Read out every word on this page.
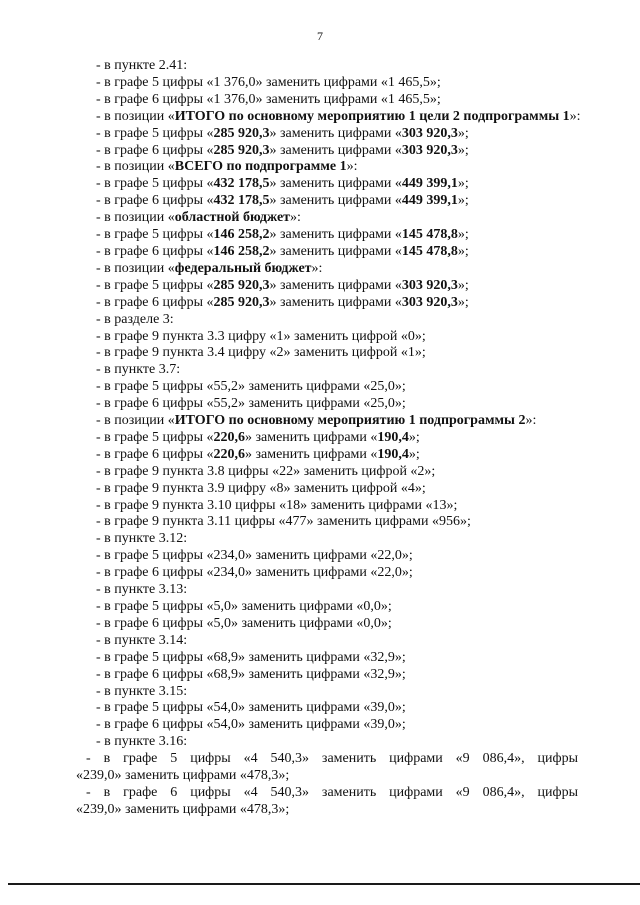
7
- в пункте 2.41:
- в графе 5 цифры «1 376,0» заменить цифрами «1 465,5»;
- в графе 6 цифры «1 376,0» заменить цифрами «1 465,5»;
- в позиции «ИТОГО по основному мероприятию 1 цели 2 подпрограммы 1»:
- в графе 5 цифры «285 920,3» заменить цифрами «303 920,3»;
- в графе 6 цифры «285 920,3» заменить цифрами «303 920,3»;
- в позиции «ВСЕГО по подпрограмме 1»:
- в графе 5 цифры «432 178,5» заменить цифрами «449 399,1»;
- в графе 6 цифры «432 178,5» заменить цифрами «449 399,1»;
- в позиции «областной бюджет»:
- в графе 5 цифры «146 258,2» заменить цифрами «145 478,8»;
- в графе 6 цифры «146 258,2» заменить цифрами «145 478,8»;
- в позиции «федеральный бюджет»:
- в графе 5 цифры «285 920,3» заменить цифрами «303 920,3»;
- в графе 6 цифры «285 920,3» заменить цифрами «303 920,3»;
- в разделе 3:
- в графе 9 пункта 3.3 цифру «1» заменить цифрой «0»;
- в графе 9 пункта 3.4 цифру «2» заменить цифрой «1»;
- в пункте 3.7:
- в графе 5 цифры «55,2» заменить цифрами «25,0»;
- в графе 6 цифры «55,2» заменить цифрами «25,0»;
- в позиции «ИТОГО по основному мероприятию 1 подпрограммы 2»:
- в графе 5 цифры «220,6» заменить цифрами «190,4»;
- в графе 6 цифры «220,6» заменить цифрами «190,4»;
- в графе 9 пункта 3.8 цифры «22» заменить цифрой «2»;
- в графе 9 пункта 3.9 цифру «8» заменить цифрой «4»;
- в графе 9 пункта 3.10 цифры «18» заменить цифрами «13»;
- в графе 9 пункта 3.11 цифры «477» заменить цифрами «956»;
- в пункте 3.12:
- в графе 5 цифры «234,0» заменить цифрами «22,0»;
- в графе 6 цифры «234,0» заменить цифрами «22,0»;
- в пункте 3.13:
- в графе 5 цифры «5,0» заменить цифрами «0,0»;
- в графе 6 цифры «5,0» заменить цифрами «0,0»;
- в пункте 3.14:
- в графе 5 цифры «68,9» заменить цифрами «32,9»;
- в графе 6 цифры «68,9» заменить цифрами «32,9»;
- в пункте 3.15:
- в графе 5 цифры «54,0» заменить цифрами «39,0»;
- в графе 6 цифры «54,0» заменить цифрами «39,0»;
- в пункте 3.16:
- в графе 5 цифры «4 540,3» заменить цифрами «9 086,4», цифры
«239,0» заменить цифрами «478,3»;
- в графе 6 цифры «4 540,3» заменить цифрами «9 086,4», цифры
«239,0» заменить цифрами «478,3»;
